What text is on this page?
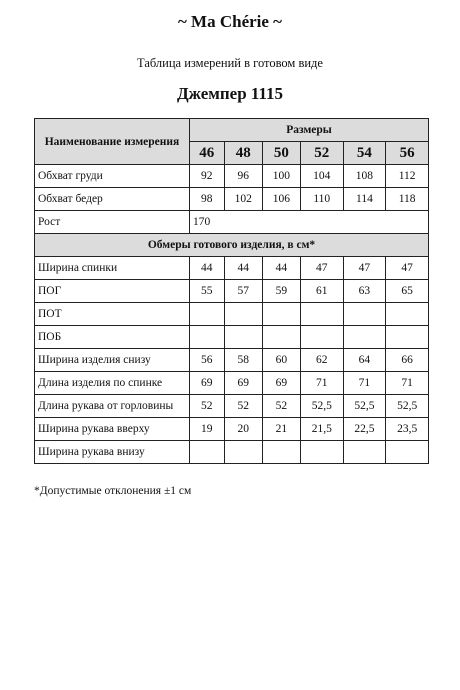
~ Ma Chérie ~
Таблица измерений в готовом виде
Джемпер 1115
Наименование измерения	Размеры					
	46	48	50	52	54	56
Обхват груди	92	96	100	104	108	112
Обхват бедер	98	102	106	110	114	118
Рост	170					
Обмеры готового изделия, в см*						
Ширина спинки	44	44	44	47	47	47
ПОГ	55	57	59	61	63	65
ПОТ						
ПОБ						
Ширина изделия снизу	56	58	60	62	64	66
Длина изделия по спинке	69	69	69	71	71	71
Длина рукава от горловины	52	52	52	52,5	52,5	52,5
Ширина рукава вверху	19	20	21	21,5	22,5	23,5
Ширина рукава внизу						
*Допустимые отклонения ±1 см
